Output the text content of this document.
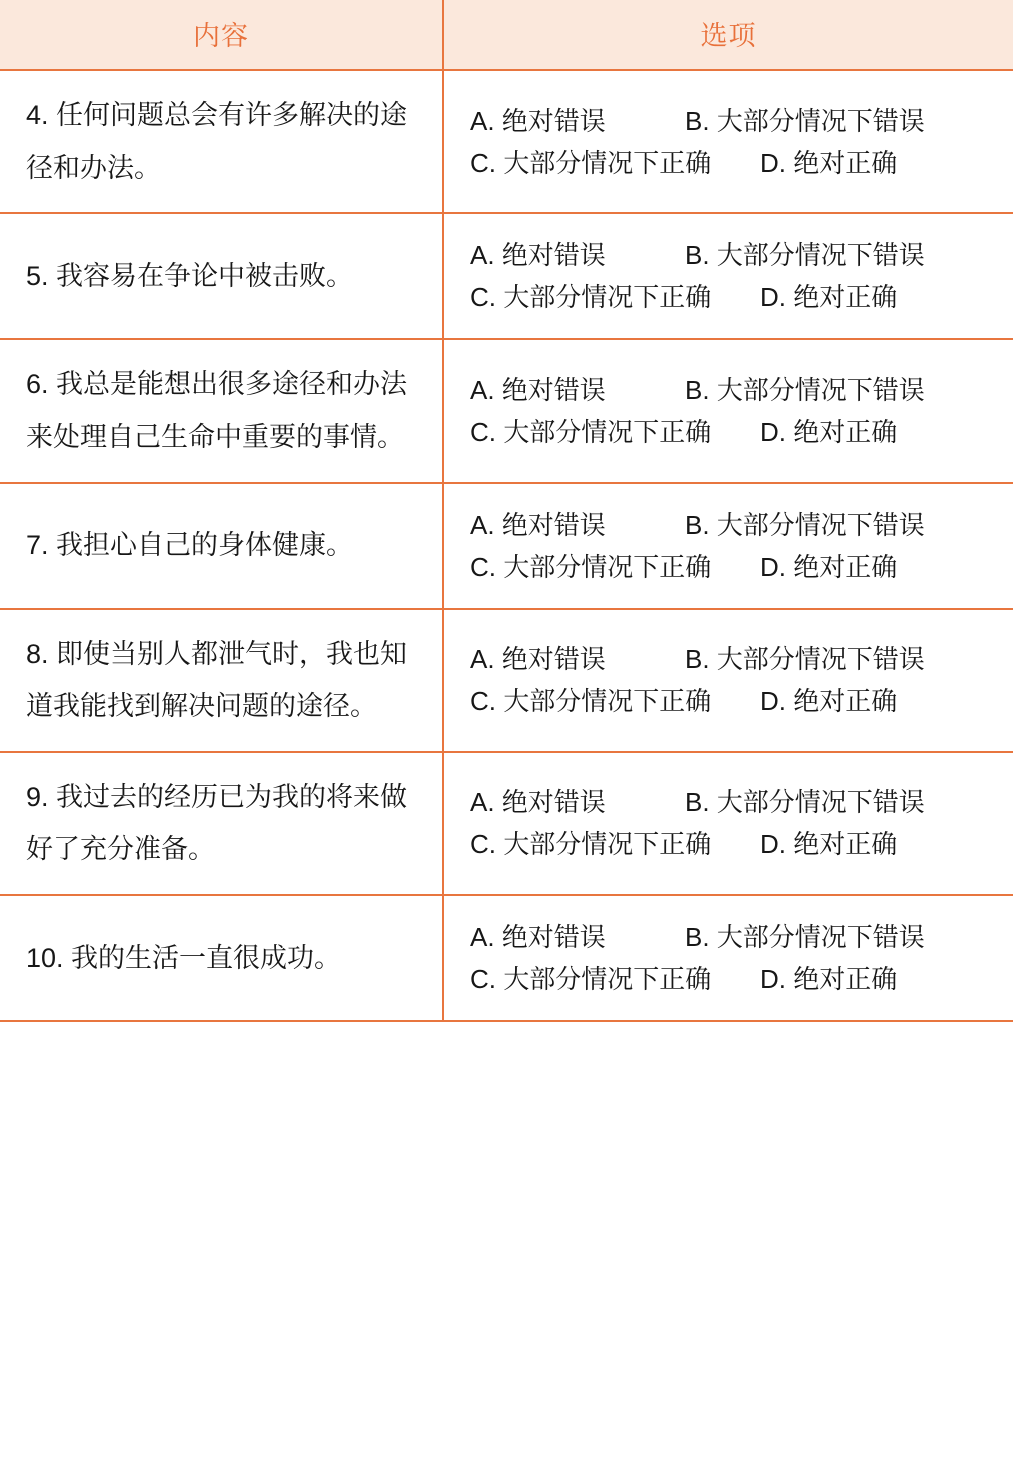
内容	选项
4. 任何问题总会有许多解决的途径和办法。	A. 绝对错误 B. 大部分情况下错误
C. 大部分情况下正确 D. 绝对正确

5. 我容易在争论中被击败。	A. 绝对错误 B. 大部分情况下错误
C. 大部分情况下正确 D. 绝对正确

6. 我总是能想出很多途径和办法来处理自己生命中重要的事情。	A. 绝对错误 B. 大部分情况下错误
C. 大部分情况下正确 D. 绝对正确

7. 我担心自己的身体健康。	A. 绝对错误 B. 大部分情况下错误
C. 大部分情况下正确 D. 绝对正确

8. 即使当别人都泄气时，我也知道我能找到解决问题的途径。	A. 绝对错误 B. 大部分情况下错误
C. 大部分情况下正确 D. 绝对正确

9. 我过去的经历已为我的将来做好了充分准备。	A. 绝对错误 B. 大部分情况下错误
C. 大部分情况下正确 D. 绝对正确

10. 我的生活一直很成功。	A. 绝对错误 B. 大部分情况下错误
C. 大部分情况下正确 D. 绝对正确
